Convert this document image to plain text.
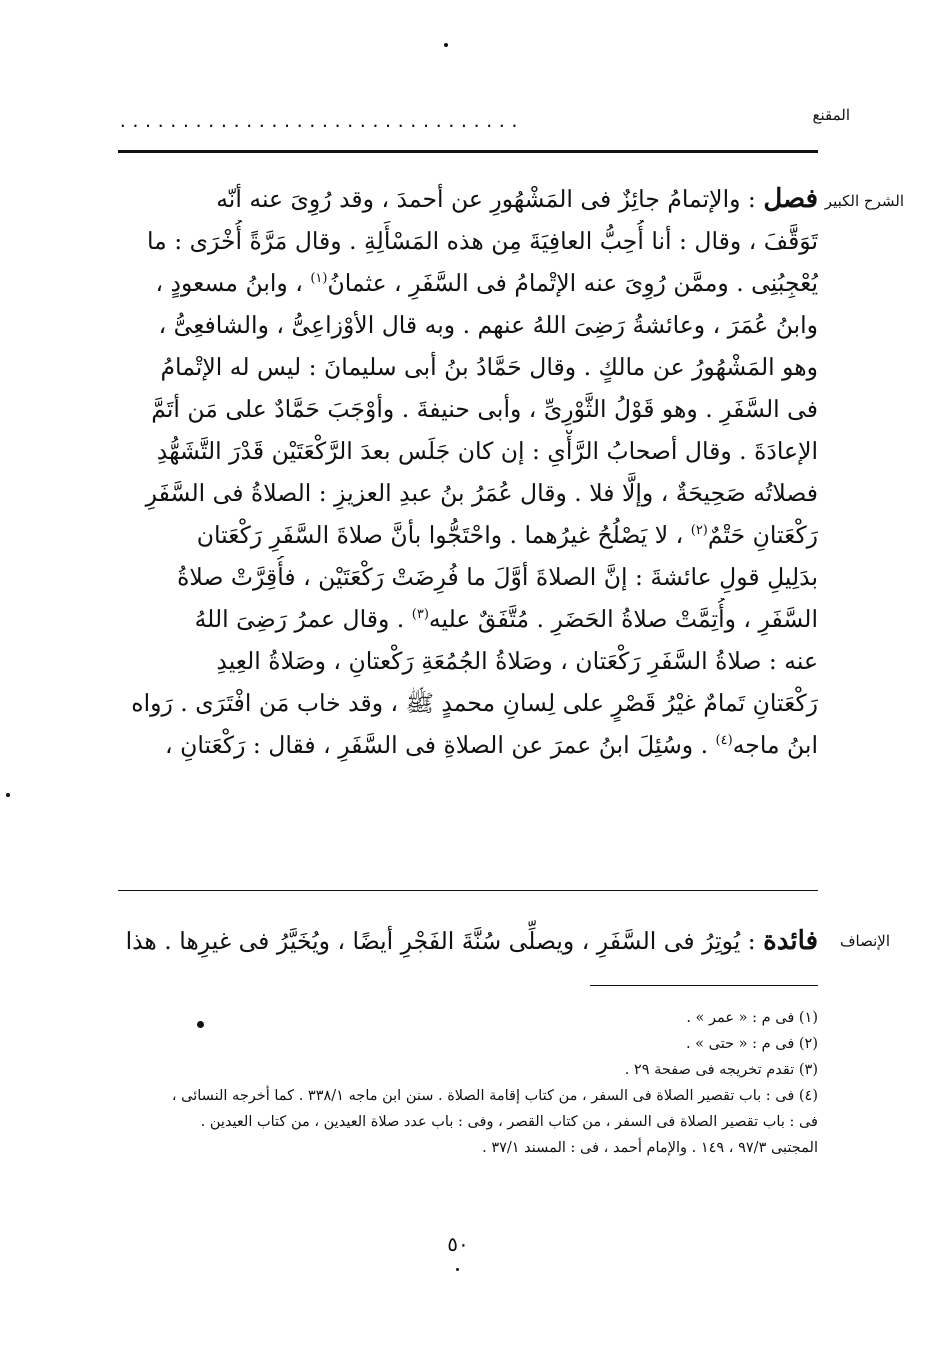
المقنع
................................
الشرح الكبير
فصل : والإتمامُ جائِزٌ فى المَشْهُورِ عن أحمدَ ، وقد رُوِىَ عنه أنّه
تَوَقَّفَ ، وقال : أنا أُحِبُّ العافِيَةَ مِن هذه المَسْأَلِةِ . وقال مَرَّةً أُخْرَى : ما
يُعْجِبُنِى . وممَّن رُوِىَ عنه الإتْمامُ فى السَّفَرِ ، عثمانُ$^{(١)}$ ، وابنُ مسعودٍ ،
وابنُ عُمَرَ ، وعائشةُ رَضِىَ اللهُ عنهم . وبه قال الأوْزاعِىُّ ، والشافعِىُّ ،
وهو المَشْهُورُ عن مالكٍ . وقال حَمَّادُ بنُ أبى سليمانَ : ليس له الإتْمامُ
فى السَّفَرِ . وهو قَوْلُ الثَّوْرِىِّ ، وأبى حنيفةَ . وأوْجَبَ حَمَّادٌ على مَن أتَمَّ
الإعادَةَ . وقال أصحابُ الرَّأْىِ : إن كان جَلَس بعدَ الرَّكْعَتَيْن قَدْرَ التَّشَهُّدِ
فصلاتُه صَحِيحَةٌ ، وإلَّا فلا . وقال عُمَرُ بنُ عبدِ العزيزِ : الصلاةُ فى السَّفَرِ
رَكْعَتانِ حَتْمٌ$^{(٢)}$ ، لا يَصْلُحُ غيرُهما . واحْتَجُّوا بأنَّ صلاةَ السَّفَرِ رَكْعَتان
بدَلِيلِ قولِ عائشةَ : إنَّ الصلاةَ أوَّلَ ما فُرِضَتْ رَكْعَتَيْن ، فأُقِرَّتْ صلاةُ
السَّفَرِ ، وأُتِمَّتْ صلاةُ الحَضَرِ . مُتَّفَقٌ عليه$^{(٣)}$ . وقال عمرُ رَضِىَ اللهُ
عنه : صلاةُ السَّفَرِ رَكْعَتان ، وصَلاةُ الجُمُعَةِ رَكْعتانِ ، وصَلاةُ العِيدِ
رَكْعَتانِ تَمامٌ غيْرُ قَصْرٍ على لِسانِ محمدٍ ﷺ ، وقد خاب مَن افْتَرَى . رَواه
ابنُ ماجه$^{(٤)}$ . وسُئِلَ ابنُ عمرَ عن الصلاةِ فى السَّفَرِ ، فقال : رَكْعَتانِ ،
الإنصاف
فائدة : يُوتِرُ فى السَّفَرِ ، ويصلِّى سُنَّةَ الفَجْرِ أيضًا ، ويُخَيَّرُ فى غيرِها . هذا
(١) فى م : « عمر » .
(٢) فى م : « حتى » .
(٣) تقدم تخريجه فى صفحة ٢٩ .
(٤) فى : باب تقصير الصلاة فى السفر ، من كتاب إقامة الصلاة . سنن ابن ماجه ٣٣٨/١ . كما أخرجه النسائى ،
فى : باب تقصير الصلاة فى السفر ، من كتاب القصر ، وفى : باب عدد صلاة العيدين ، من كتاب العيدين .
المجتبى ٩٧/٣ ، ١٤٩ . والإمام أحمد ، فى : المسند ٣٧/١ .
٥٠
